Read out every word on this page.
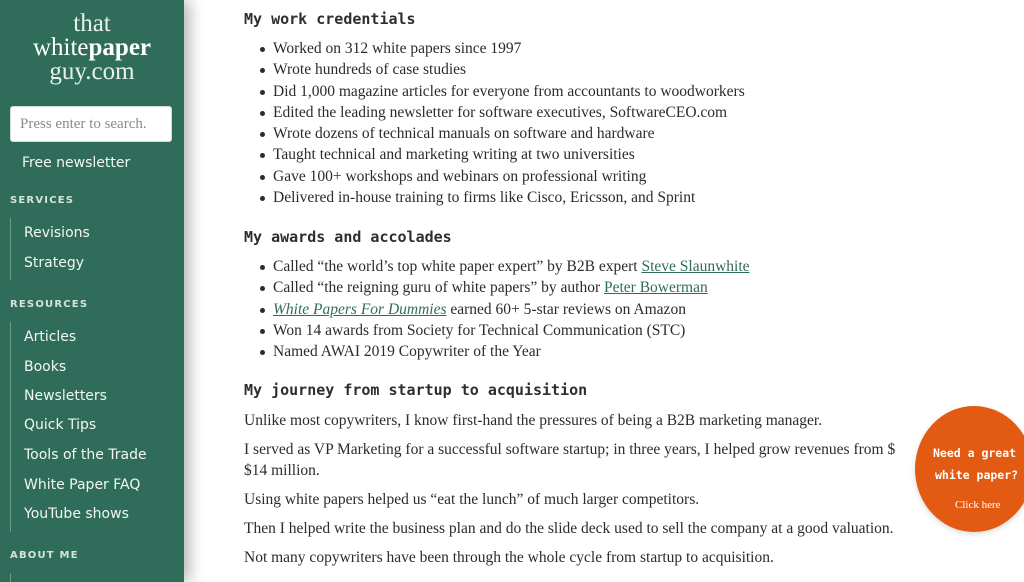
that
whitepaper
guy.com
Press enter to search.
Free newsletter
SERVICES
Revisions
Strategy
RESOURCES
Articles
Books
Newsletters
Quick Tips
Tools of the Trade
White Paper FAQ
YouTube shows
ABOUT ME
My work credentials
Worked on 312 white papers since 1997
Wrote hundreds of case studies
Did 1,000 magazine articles for everyone from accountants to woodworkers
Edited the leading newsletter for software executives, SoftwareCEO.com
Wrote dozens of technical manuals on software and hardware
Taught technical and marketing writing at two universities
Gave 100+ workshops and webinars on professional writing
Delivered in-house training to firms like Cisco, Ericsson, and Sprint
My awards and accolades
Called “the world’s top white paper expert” by B2B expert Steve Slaunwhite
Called “the reigning guru of white papers” by author Peter Bowerman
White Papers For Dummies earned 60+ 5-star reviews on Amazon
Won 14 awards from Society for Technical Communication (STC)
Named AWAI 2019 Copywriter of the Year
My journey from startup to acquisition

Unlike most copywriters, I know first-hand the pressures of being a B2B marketing manager.

I served as VP Marketing for a successful software startup; in three years, I helped grow revenues from $

$14 million.

Using white papers helped us “eat the lunch” of much larger competitors.

Then I helped write the business plan and do the slide deck used to sell the company at a good valuation.

Not many copywriters have been through the whole cycle from startup to acquisition.

Need a great
white paper?
Click here
